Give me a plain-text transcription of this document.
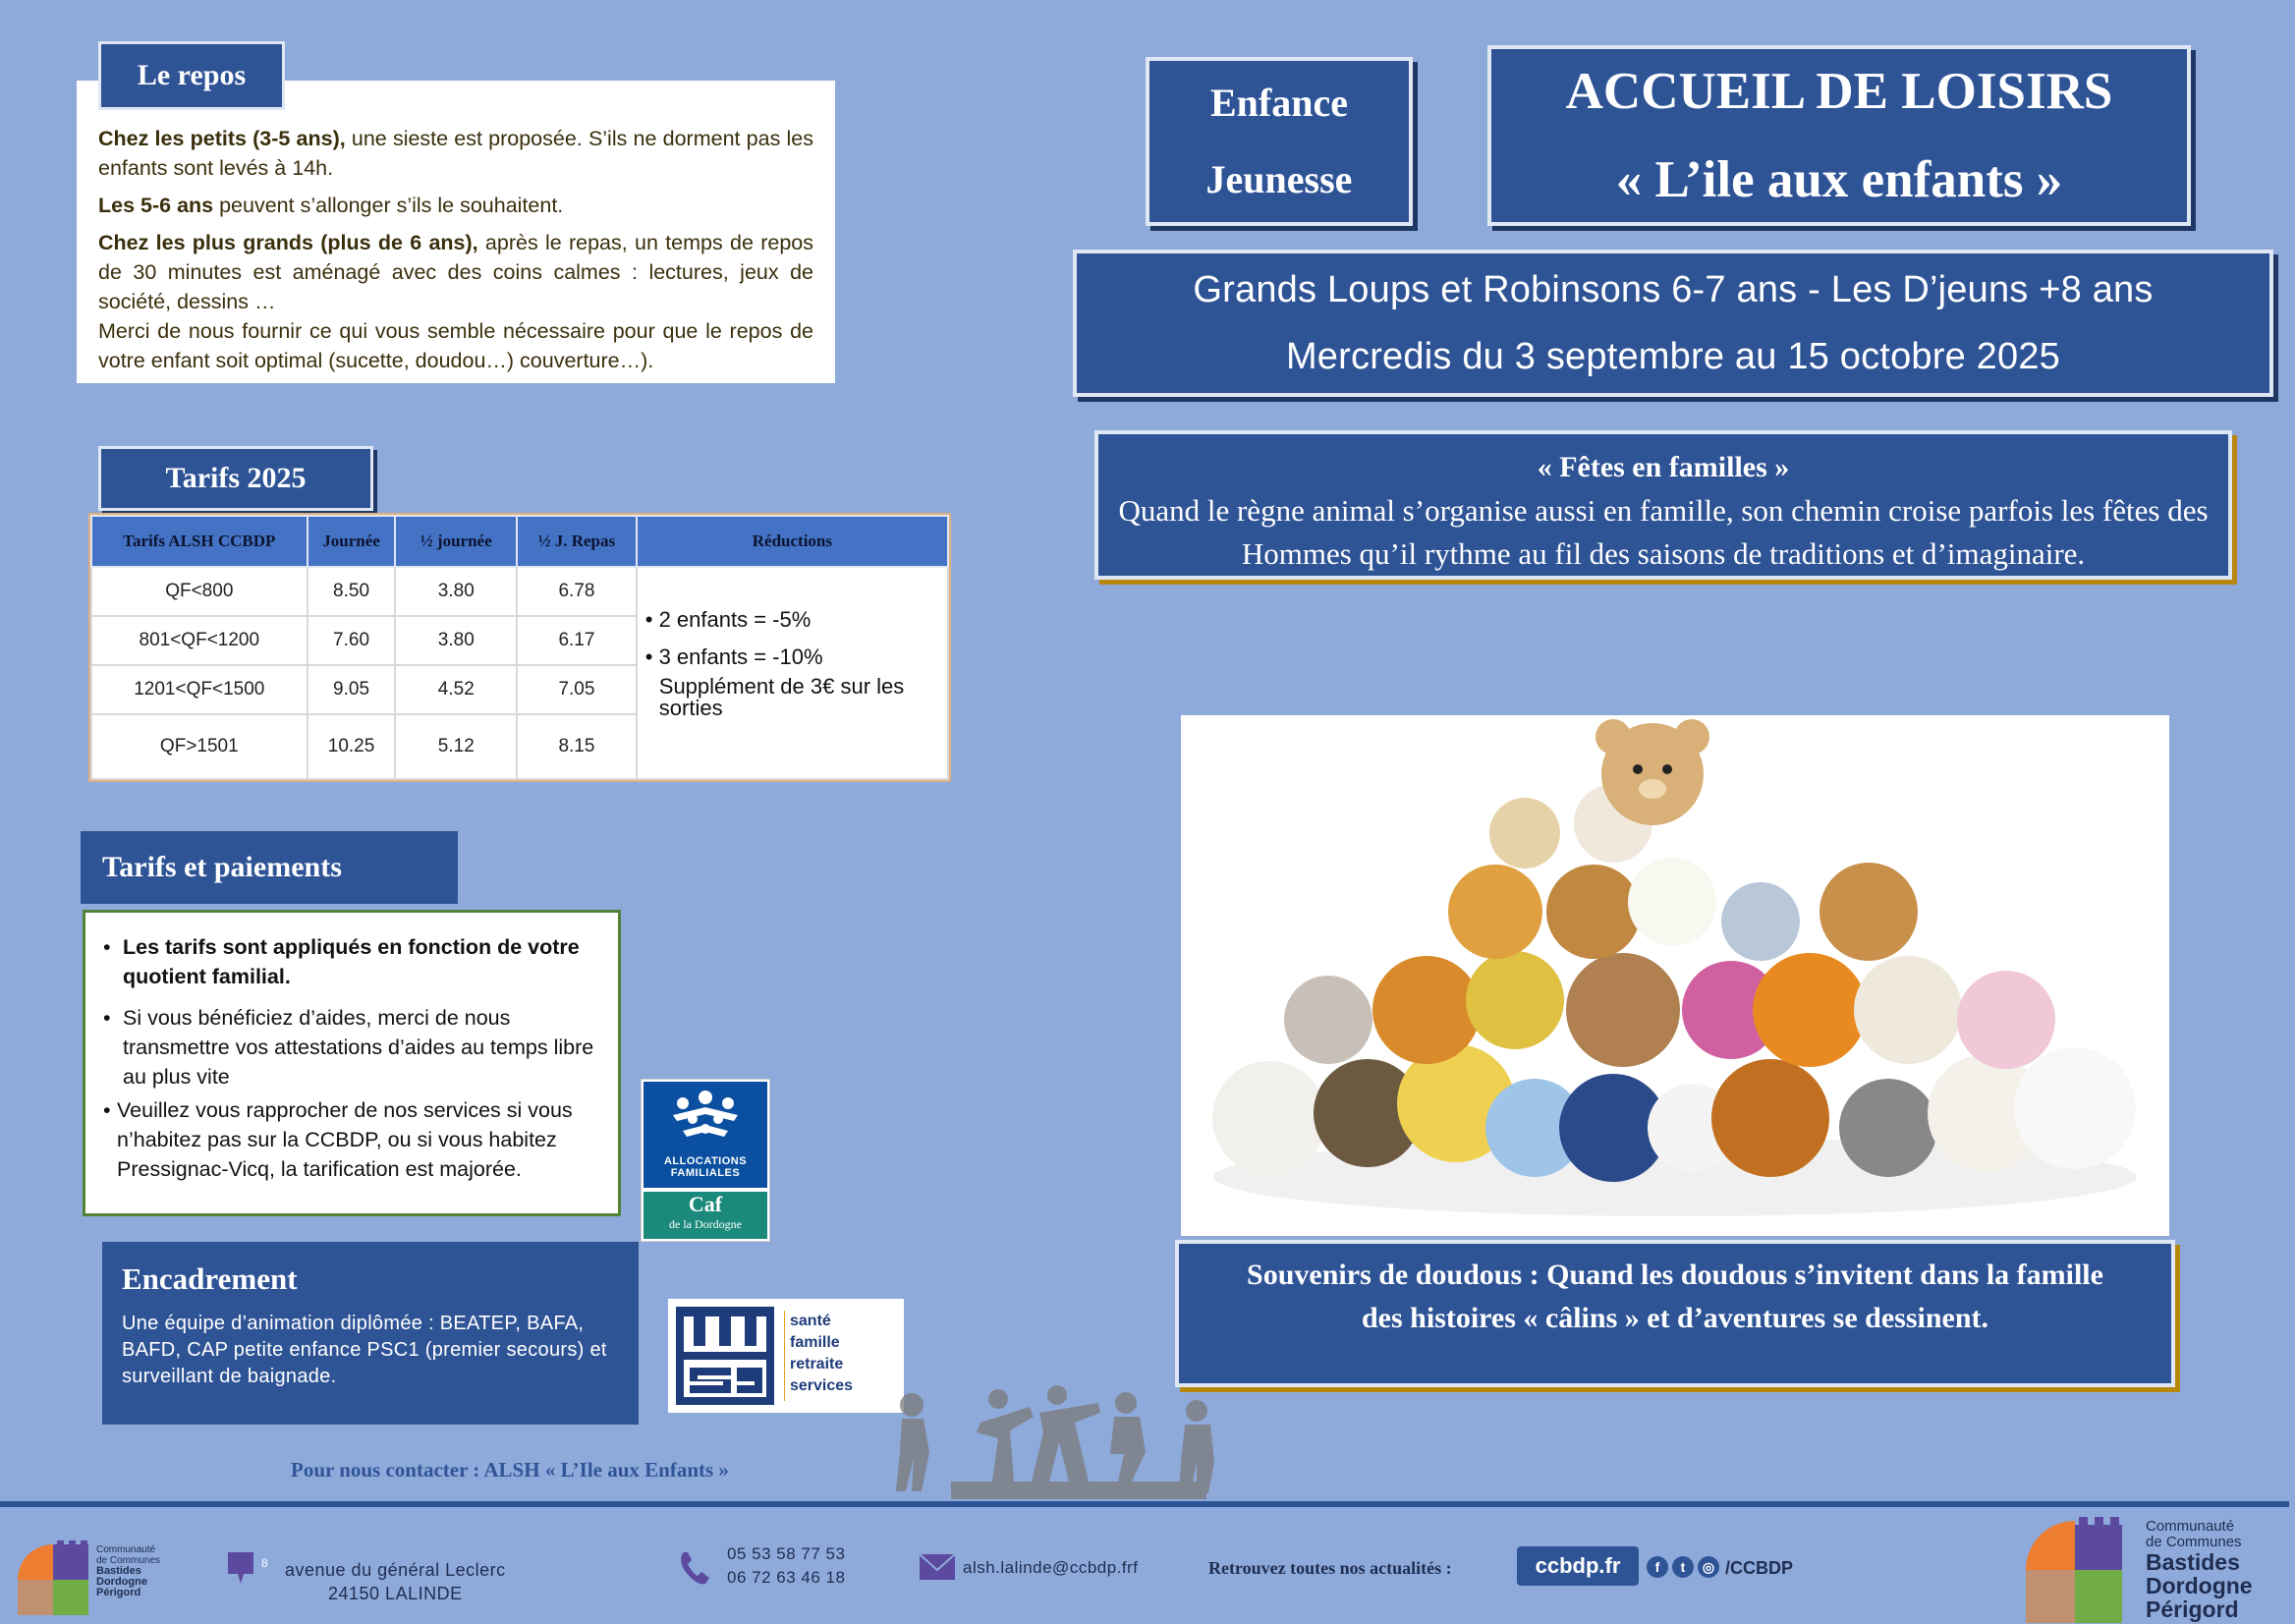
Chez les petits (3-5 ans), une sieste est proposée. S’ils ne dorment pas les enfants sont levés à 14h.

Les 5-6 ans peuvent s’allonger s’ils le souhaitent.

Chez les plus grands (plus de 6 ans), après le repas, un temps de repos de 30 minutes est aménagé avec des coins calmes : lectures, jeux de société, dessins …

Merci de nous fournir ce qui vous semble nécessaire pour que le repos de votre enfant soit optimal (sucette, doudou…) couverture…).

Le repos
Tarifs 2025
Tarifs ALSH CCBDP	Journée	½ journée	½ J. Repas	Réductions
QF<800	8.50	3.80	6.78	• 2 enfants = -5%
• 3 enfants = -10%
Supplément de 3€ sur les sorties

801<QF<1200	7.60	3.80	6.17	
1201<QF<1500	9.05	4.52	7.05	
QF>1501	10.25	5.12	8.15	
Tarifs et paiements
• Les tarifs sont appliqués en fonction de votre quotient familial.
• Si vous bénéficiez d’aides, merci de nous transmettre vos attestations d’aides au temps libre au plus vite
• Veuillez vous rapprocher de nos services si vous n’habitez pas sur la CCBDP, ou si vous habitez Pressignac-Vicq, la tarification est majorée.	ALLOCATIONS
FAMILIALES
Caf
de la Dordogne
Encadrement
Une équipe d’animation diplômée : BEATEP, BAFA, BAFD, CAP petite enfance PSC1 (premier secours) et surveillant de baignade.
santé
famille
retraite
services
Pour nous contacter : ALSH « L’Ile aux Enfants »
Enfance
Jeunesse
ACCUEIL DE LOISIRS
« L’ile aux enfants »
Grands Loups et Robinsons 6-7 ans - Les D’jeuns +8 ans
Mercredis du 3 septembre au 15 octobre 2025
« Fêtes en familles »
Quand le règne animal s’organise aussi en famille, son chemin croise parfois les fêtes des Hommes qu’il rythme au fil des saisons de traditions et d’imaginaire.
Souvenirs de doudous : Quand les doudous s’invitent dans la famille
des histoires « câlins » et d’aventures se dessinent.
Communauté
de Communes
Bastides
Dordogne
Périgord
8 avenue du général Leclerc
24150 LALINDE
05 53 58 77 53
06 72 63 46 18
alsh.lalinde@ccbdp.frf	Retrouvez toutes nos actualités :	ccbdp.fr	f	t	◎ /CCBDP
Communauté
de Communes
Bastides
Dordogne
Périgord
